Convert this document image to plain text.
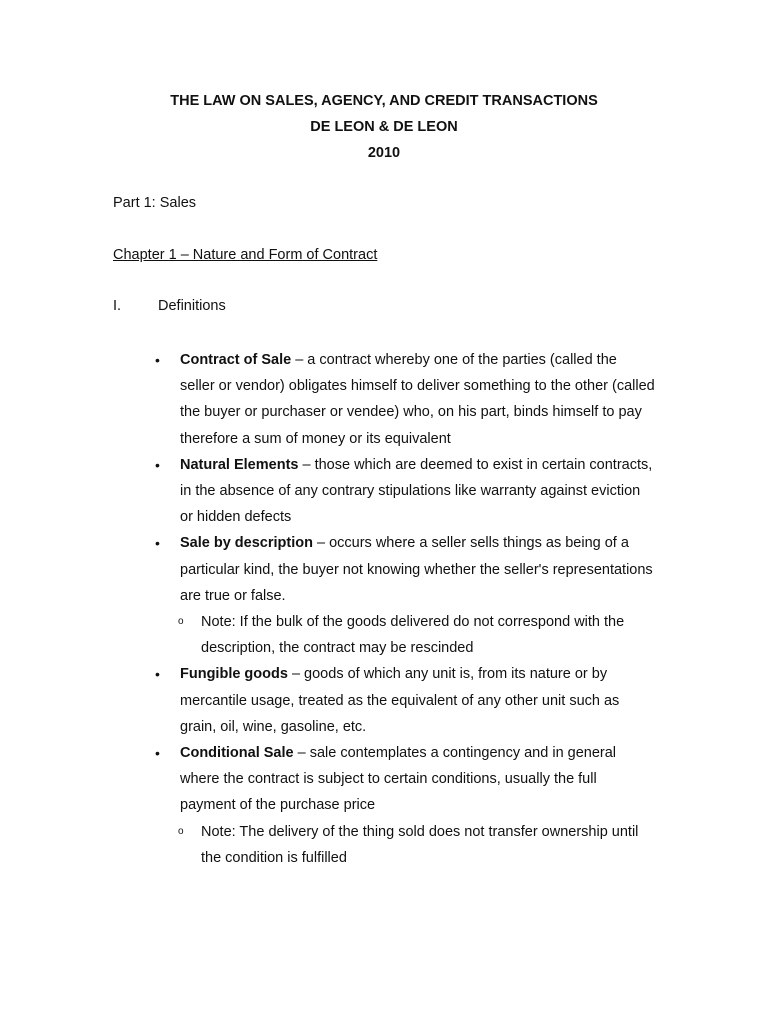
THE LAW ON SALES, AGENCY, AND CREDIT TRANSACTIONS
DE LEON & DE LEON
2010
Part 1: Sales
Chapter 1 – Nature and Form of Contract
I.	Definitions
•	Contract of Sale – a contract whereby one of the parties (called the seller or vendor) obligates himself to deliver something to the other (called the buyer or purchaser or vendee) who, on his part, binds himself to pay therefore a sum of money or its equivalent
•	Natural Elements – those which are deemed to exist in certain contracts, in the absence of any contrary stipulations like warranty against eviction or hidden defects
•	Sale by description – occurs where a seller sells things as being of a particular kind, the buyer not knowing whether the seller's representations are true or false.
o Note: If the bulk of the goods delivered do not correspond with the description, the contract may be rescinded
•	Fungible goods – goods of which any unit is, from its nature or by mercantile usage, treated as the equivalent of any other unit such as grain, oil, wine, gasoline, etc.
•	Conditional Sale – sale contemplates a contingency and in general where the contract is subject to certain conditions, usually the full payment of the purchase price
o Note: The delivery of the thing sold does not transfer ownership until the condition is fulfilled
